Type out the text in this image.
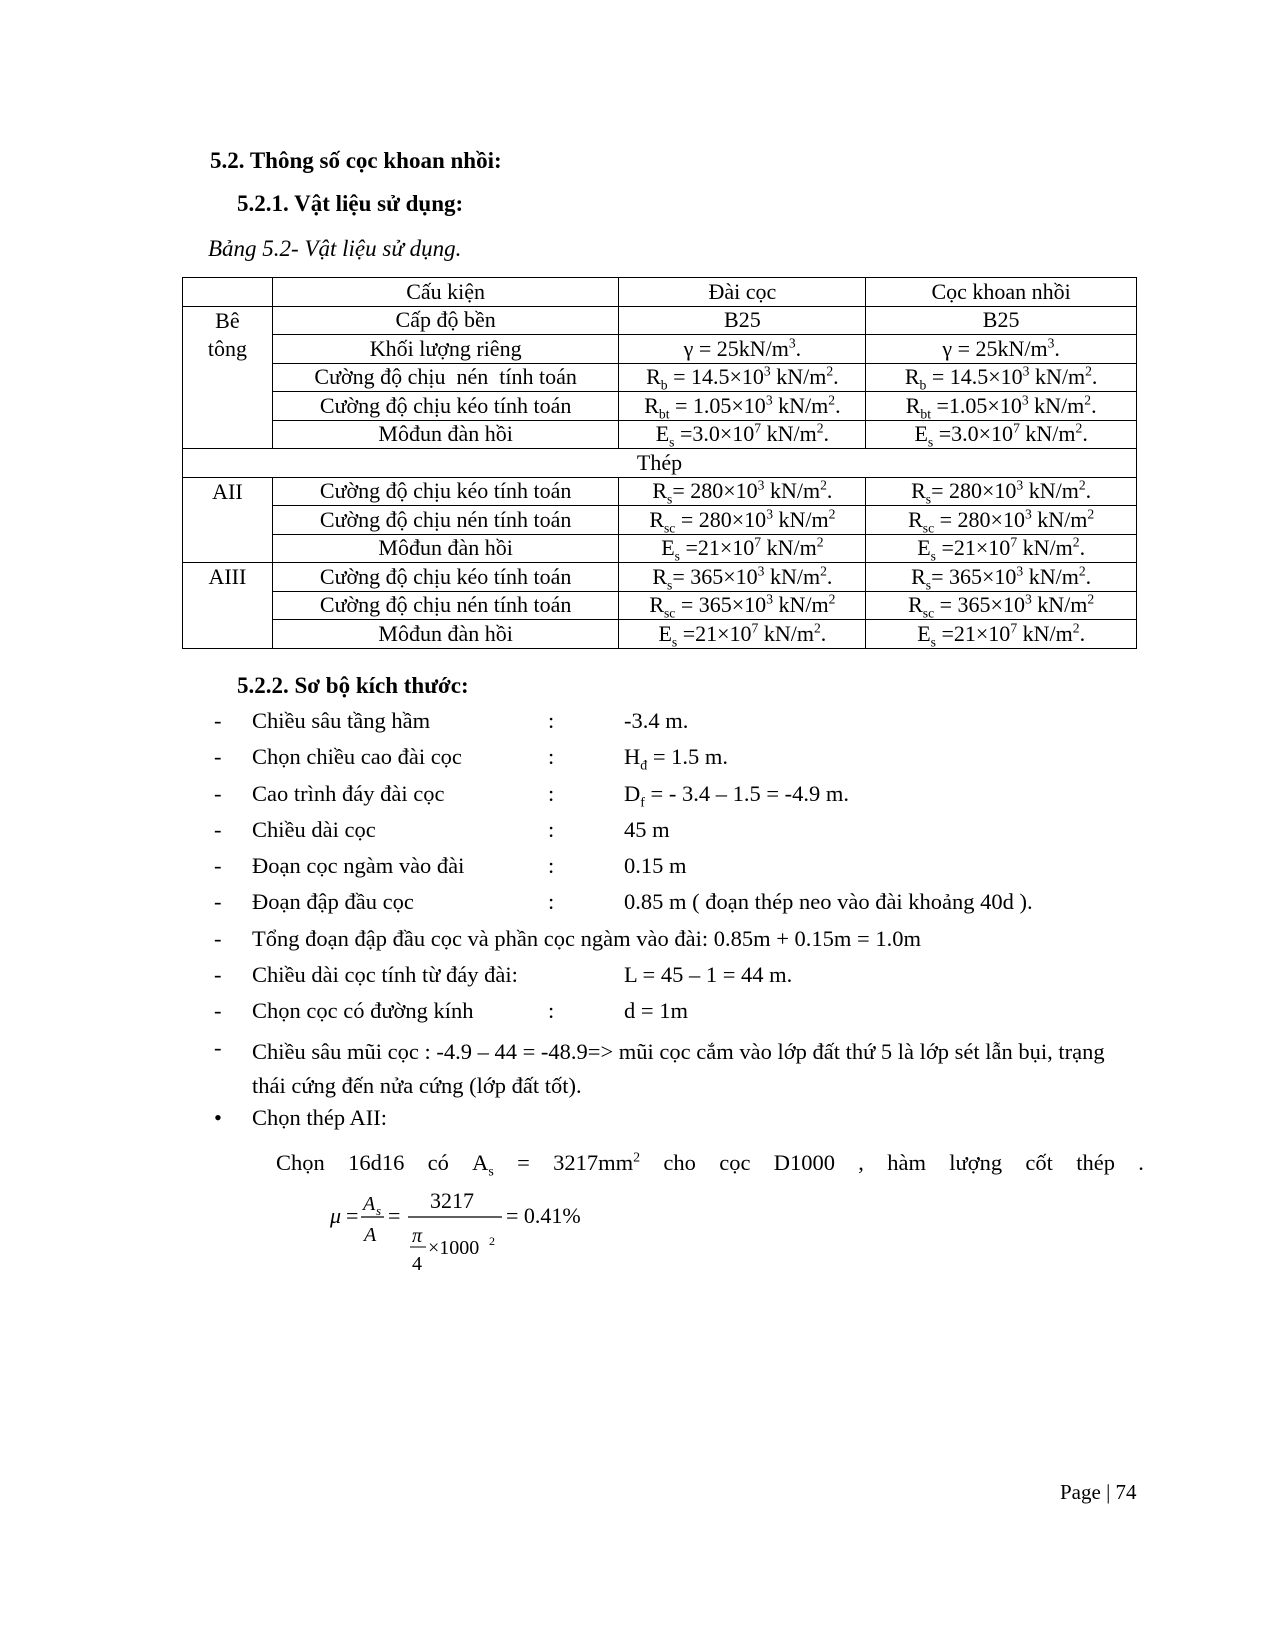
5.2. Thông số cọc khoan nhồi:
5.2.1. Vật liệu sử dụng:
Bảng 5.2- Vật liệu sử dụng.
	Cấu kiện	Đài cọc	Cọc khoan nhồi

Bê
tông	Cấp độ bền	B25	B25
	Khối lượng riêng	$\gamma = 25kN/m^3$.	$\gamma = 25kN/m^3$.
	Cường độ chịu  nén  tính toán	$R_b = 14.5\times 10^3$ $kN/m^2$.	$R_b = 14.5\times 10^3$ $kN/m^2$.
	Cường độ chịu kéo tính toán	$R_{bt} = 1.05\times 10^3$ $kN/m^2$.	$R_{bt} =1.05\times 10^3$ $kN/m^2$.
	Môđun đàn hồi	$E_s =3.0\times 10^7$ $kN/m^2$.	$E_s =3.0\times 10^7$ $kN/m^2$.
Thép			

AII	Cường độ chịu kéo tính toán	$R_s= 280\times 10^3$ $kN/m^2$.	$R_s= 280\times 10^3$ $kN/m^2$.
	Cường độ chịu nén tính toán	$R_{sc} = 280\times 10^3$ $kN/m^2$	$R_{sc} = 280\times 10^3$ $kN/m^2$
	Môđun đàn hồi	$E_s =21\times 10^7$ $kN/m^2$	$E_s =21\times 10^7$ $kN/m^2$.

AIII	Cường độ chịu kéo tính toán	$R_s= 365\times 10^3$ $kN/m^2$.	$R_s= 365\times 10^3$ $kN/m^2$.
	Cường độ chịu nén tính toán	$R_{sc} = 365\times 10^3$ $kN/m^2$	$R_{sc} = 365\times 10^3$ $kN/m^2$
	Môđun đàn hồi	$E_s =21\times 10^7$ $kN/m^2$.	$E_s =21\times 10^7$ $kN/m^2$.
5.2.2. Sơ bộ kích thước:
-	Chiều sâu tầng hầm	:	-3.4 m.
-	Chọn chiều cao đài cọc	:	$H_đ = 1.5$ m.
-	Cao trình đáy đài cọc	:	$D_f$ = - 3.4 – 1.5 = -4.9 m.
-	Chiều dài cọc	:	45 m
-	Đoạn cọc ngàm vào đài	:	0.15 m
-	Đoạn đập đầu cọc	:	0.85 m ( đoạn thép neo vào đài khoảng 40d ).
-	Tổng đoạn đập đầu cọc và phần cọc ngàm vào đài: 0.85m + 0.15m = 1.0m
-	Chiều dài cọc tính từ đáy đài:	L = 45 – 1 = 44 m.
-	Chọn cọc có đường kính	:	d = 1m
-	Chiều sâu mũi cọc : -4.9 – 44 = -48.9=> mũi cọc cắm vào lớp đất thứ 5 là lớp sét lẫn bụi, trạng thái cứng đến nửa cứng (lớp đất tốt).
•	Chọn thép AII:
Chọn 16d16 có $A_s = 3217mm^2$ cho cọc D1000 , hàm lượng cốt thép .
μ = A s
A
=
3217
π
4
×1000 2
= 0.41%
Page | 74
